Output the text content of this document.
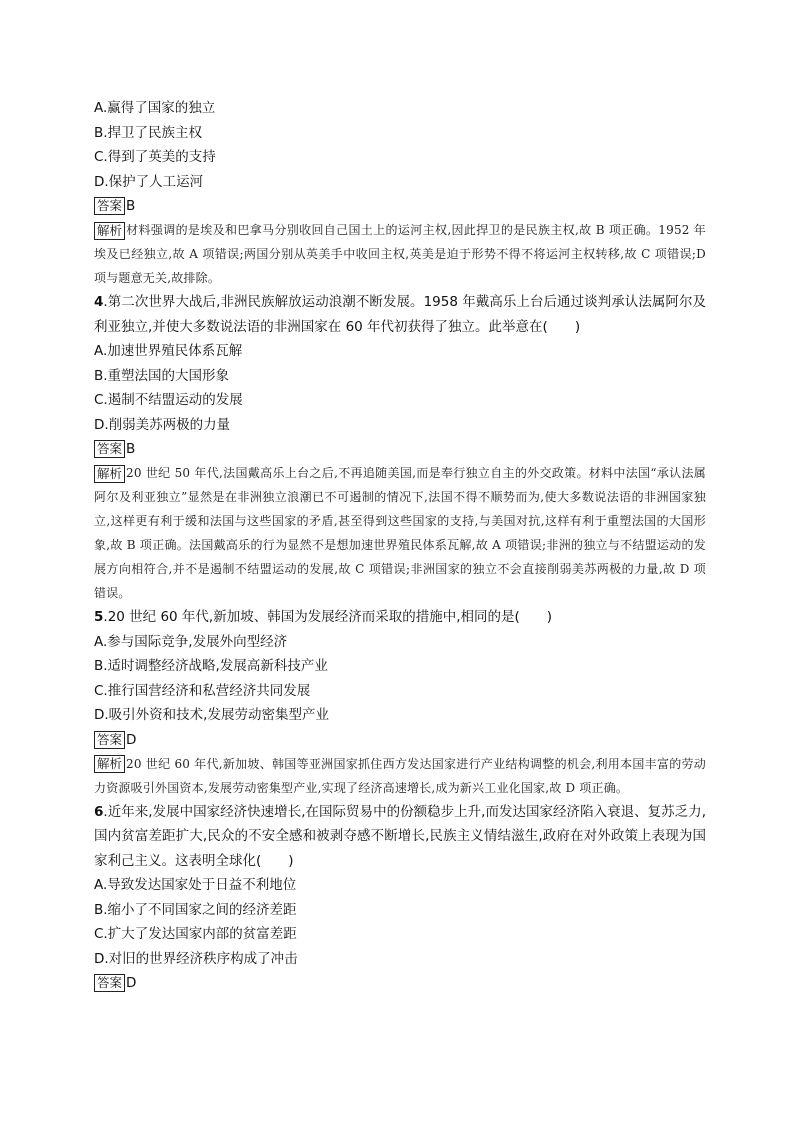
A.赢得了国家的独立
B.捍卫了民族主权
C.得到了英美的支持
D.保护了人工运河
答案 B
解析 材料强调的是埃及和巴拿马分别收回自己国土上的运河主权,因此捍卫的是民族主权,故 B 项正确。1952 年埃及已经独立,故 A 项错误;两国分别从英美手中收回主权,英美是迫于形势不得不将运河主权转移,故 C 项错误;D 项与题意无关,故排除。
4.第二次世界大战后,非洲民族解放运动浪潮不断发展。1958 年戴高乐上台后通过谈判承认法属阿尔及利亚独立,并使大多数说法语的非洲国家在 60 年代初获得了独立。此举意在(　　)
A.加速世界殖民体系瓦解
B.重塑法国的大国形象
C.遏制不结盟运动的发展
D.削弱美苏两极的力量
答案 B
解析 20 世纪 50 年代,法国戴高乐上台之后,不再追随美国,而是奉行独立自主的外交政策。材料中法国“承认法属阿尔及利亚独立”显然是在非洲独立浪潮已不可遏制的情况下,法国不得不顺势而为,使大多数说法语的非洲国家独立,这样更有利于缓和法国与这些国家的矛盾,甚至得到这些国家的支持,与美国对抗,这样有利于重塑法国的大国形象,故 B 项正确。法国戴高乐的行为显然不是想加速世界殖民体系瓦解,故 A 项错误;非洲的独立与不结盟运动的发展方向相符合,并不是遏制不结盟运动的发展,故 C 项错误;非洲国家的独立不会直接削弱美苏两极的力量,故 D 项错误。
5.20 世纪 60 年代,新加坡、韩国为发展经济而采取的措施中,相同的是(　　)
A.参与国际竞争,发展外向型经济
B.适时调整经济战略,发展高新科技产业
C.推行国营经济和私营经济共同发展
D.吸引外资和技术,发展劳动密集型产业
答案 D
解析 20 世纪 60 年代,新加坡、韩国等亚洲国家抓住西方发达国家进行产业结构调整的机会,利用本国丰富的劳动力资源吸引外国资本,发展劳动密集型产业,实现了经济高速增长,成为新兴工业化国家,故 D 项正确。
6.近年来,发展中国家经济快速增长,在国际贸易中的份额稳步上升,而发达国家经济陷入衰退、复苏乏力,国内贫富差距扩大,民众的不安全感和被剥夺感不断增长,民族主义情结滋生,政府在对外政策上表现为国家利己主义。这表明全球化(　　)
A.导致发达国家处于日益不利地位
B.缩小了不同国家之间的经济差距
C.扩大了发达国家内部的贫富差距
D.对旧的世界经济秩序构成了冲击
答案 D
